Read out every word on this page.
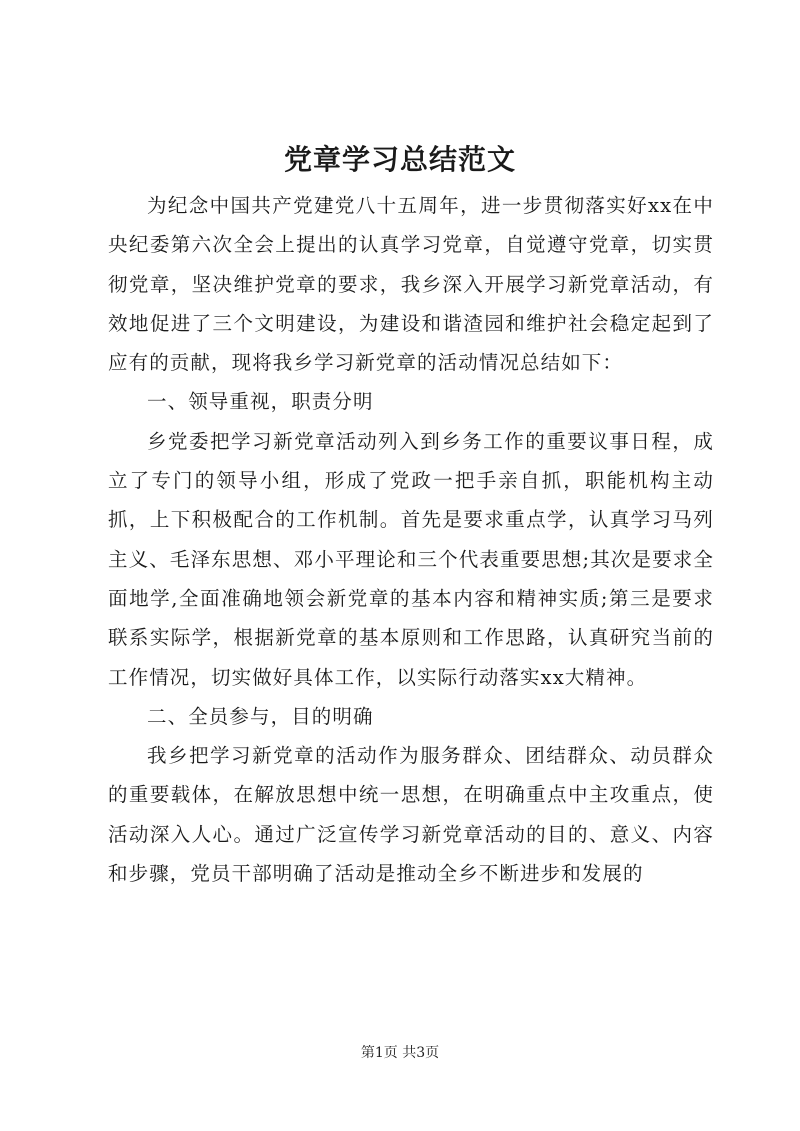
党章学习总结范文

为纪念中国共产党建党八十五周年，进一步贯彻落实好xx在中央纪委第六次全会上提出的认真学习党章，自觉遵守党章，切实贯彻党章，坚决维护党章的要求，我乡深入开展学习新党章活动，有效地促进了三个文明建设，为建设和谐渣园和维护社会稳定起到了应有的贡献，现将我乡学习新党章的活动情况总结如下：

一、领导重视，职责分明

乡党委把学习新党章活动列入到乡务工作的重要议事日程，成立了专门的领导小组，形成了党政一把手亲自抓，职能机构主动抓，上下积极配合的工作机制。首先是要求重点学，认真学习马列主义、毛泽东思想、邓小平理论和三个代表重要思想;其次是要求全面地学,全面准确地领会新党章的基本内容和精神实质;第三是要求联系实际学，根据新党章的基本原则和工作思路，认真研究当前的工作情况，切实做好具体工作，以实际行动落实xx大精神。

二、全员参与，目的明确

我乡把学习新党章的活动作为服务群众、团结群众、动员群众的重要载体，在解放思想中统一思想，在明确重点中主攻重点，使活动深入人心。通过广泛宣传学习新党章活动的目的、意义、内容和步骤，党员干部明确了活动是推动全乡不断进步和发展的

第1页 共3页
